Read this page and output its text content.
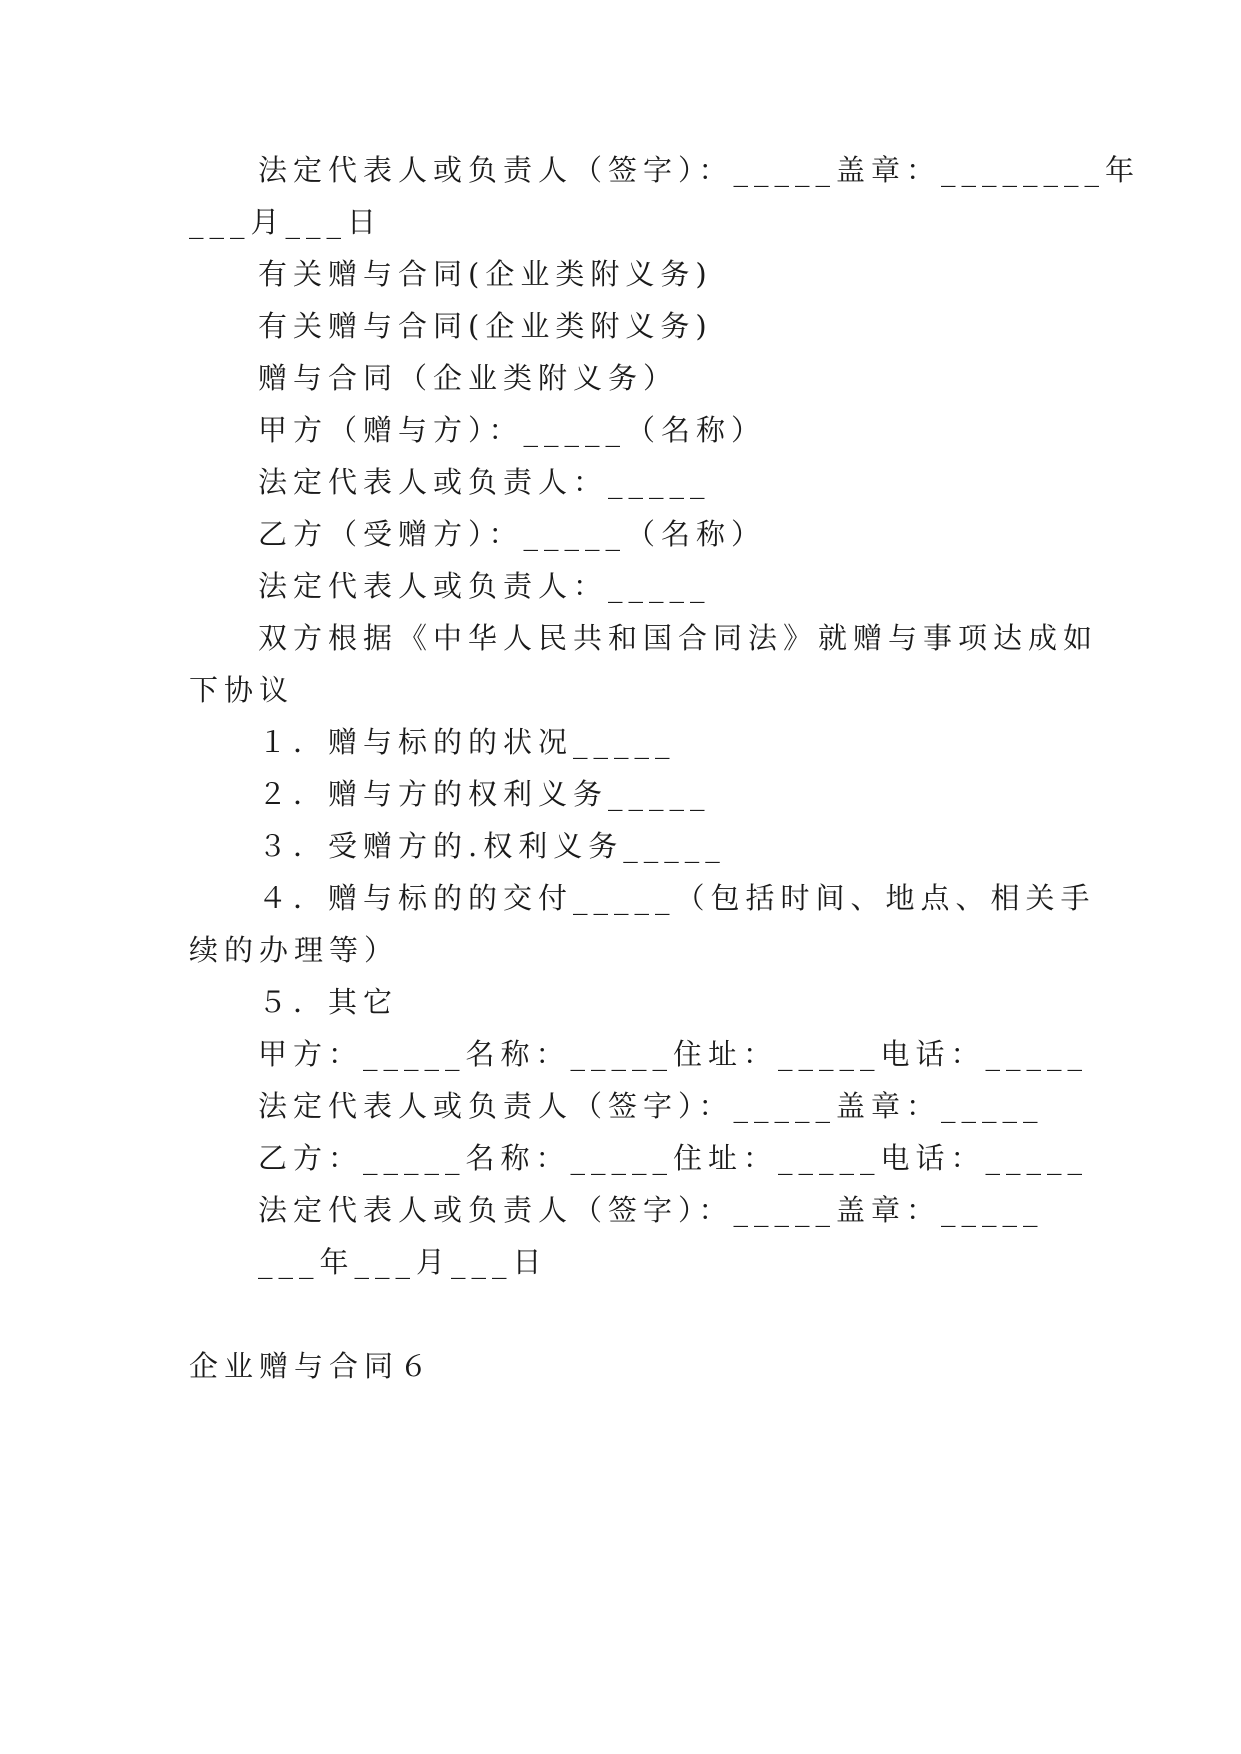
法定代表人或负责人（签字）：_____盖章：________年
___月___日
有关赠与合同(企业类附义务)
有关赠与合同(企业类附义务)
赠与合同（企业类附义务）
甲方（赠与方）：_____（名称）
法定代表人或负责人：_____
乙方（受赠方）：_____（名称）
法定代表人或负责人：_____
双方根据《中华人民共和国合同法》就赠与事项达成如
下协议
１．赠与标的的状况_____
２．赠与方的权利义务_____
３．受赠方的.权利义务_____
４．赠与标的的交付_____（包括时间、地点、相关手
续的办理等）
５．其它
甲方：_____名称：_____住址：_____电话：_____
法定代表人或负责人（签字）：_____盖章：_____
乙方：_____名称：_____住址：_____电话：_____
法定代表人或负责人（签字）：_____盖章：_____
___年___月___日
企业赠与合同６
